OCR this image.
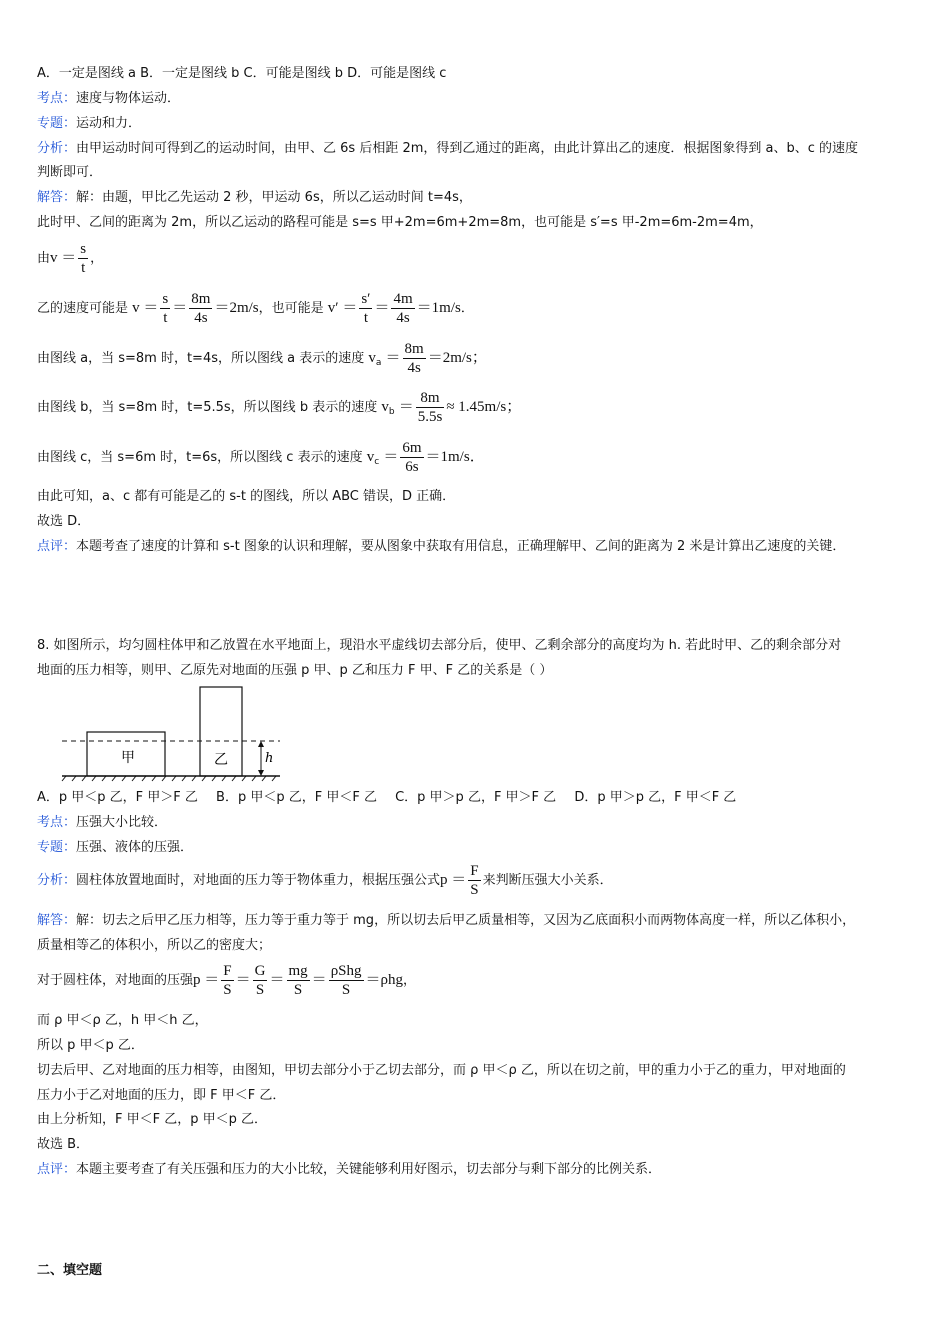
A．一定是图线 a B．一定是图线 b C．可能是图线 b D．可能是图线 c
考点：速度与物体运动．
专题：运动和力．
分析：由甲运动时间可得到乙的运动时间，由甲、乙 6s 后相距 2m，得到乙通过的距离，由此计算出乙的速度．根据图象得到 a、b、c 的速度
判断即可．
解答：解：由题，甲比乙先运动 2 秒，甲运动 6s，所以乙运动时间 t=4s，
此时甲、乙间的距离为 2m，所以乙运动的路程可能是 s=s 甲+2m=6m+2m=8m，也可能是 s′=s 甲-2m=6m-2m=4m，
由$v = \frac{s}{t}$ ，
乙的速度可能是 $v = \frac{s}{t} = \frac{8m}{4s} =2m/s$，也可能是 $v' = \frac{s'}{t} = \frac{4m}{4s} =1m/s$．
由图线 a，当 s=8m 时，t=4s，所以图线 a 表示的速度 $v_a = \frac{8m}{4s} =2m/s$；
由图线 b，当 s=8m 时，t=5.5s，所以图线 b 表示的速度 $v_b = \frac{8m}{5.5s} \approx 1.45m/s$；
由图线 c，当 s=6m 时，t=6s，所以图线 c 表示的速度 $v_c = \frac{6m}{6s} =1m/s$．
由此可知，a、c 都有可能是乙的 s-t 的图线，所以 ABC 错误，D 正确．
故选 D．
点评：本题考查了速度的计算和 s-t 图象的认识和理解，要从图象中获取有用信息，正确理解甲、乙间的距离为 2 米是计算出乙速度的关键．
8. 如图所示，均匀圆柱体甲和乙放置在水平地面上，现沿水平虚线切去部分后，使甲、乙剩余部分的高度均为 h. 若此时甲、乙的剩余部分对
地面的压力相等，则甲、乙原先对地面的压强 p 甲、p 乙和压力 F 甲、F 乙的关系是（ ）
甲	乙	h
A．p 甲＜p 乙，F 甲＞F 乙 B．p 甲＜p 乙，F 甲＜F 乙 C．p 甲＞p 乙，F 甲＞F 乙 D．p 甲＞p 乙，F 甲＜F 乙
考点：压强大小比较．
专题：压强、液体的压强．
分析：圆柱体放置地面时，对地面的压力等于物体重力，根据压强公式$p = \frac{F}{S}$ 来判断压强大小关系．
解答：解：切去之后甲乙压力相等，压力等于重力等于 mg，所以切去后甲乙质量相等，又因为乙底面积小而两物体高度一样，所以乙体积小，
质量相等乙的体积小，所以乙的密度大；
对于圆柱体，对地面的压强$p = \frac{F}{S} = \frac{G}{S} = \frac{mg}{S} = \frac{\text{ρShg}}{S} =\rho hg$，
而 ρ 甲＜ρ 乙，h 甲＜h 乙，
所以 p 甲＜p 乙．
切去后甲、乙对地面的压力相等，由图知，甲切去部分小于乙切去部分，而 ρ 甲＜ρ 乙，所以在切之前，甲的重力小于乙的重力，甲对地面的
压力小于乙对地面的压力，即 F 甲＜F 乙．
由上分析知，F 甲＜F 乙，p 甲＜p 乙．
故选 B．
点评：本题主要考查了有关压强和压力的大小比较，关键能够利用好图示，切去部分与剩下部分的比例关系．
二、填空题
